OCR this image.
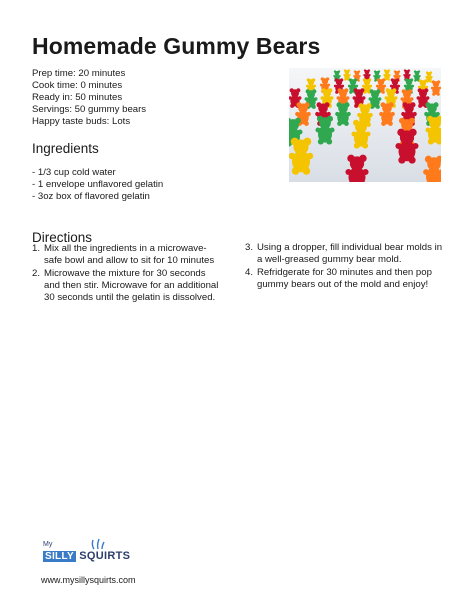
Homemade Gummy Bears
Prep time: 20 minutes
Cook time: 0 minutes
Ready in: 50 minutes
Servings: 50 gummy bears
Happy taste buds: Lots
Ingredients
- 1/3 cup cold water
- 1 envelope unflavored gelatin
- 3oz box of flavored gelatin
Directions
1. Mix all the ingredients in a microwave-safe bowl and allow to sit for 10 minutes
2. Microwave the mixture for 30 seconds and then stir. Microwave for an additional 30 seconds until the gelatin is dissolved.
3. Using a dropper, fill individual bear molds in a well-greased gummy bear mold.
4. Refridgerate for 30 minutes and then pop gummy bears out of the mold and enjoy!
My
SILLY SQUIRTS
www.mysillysquirts.com
